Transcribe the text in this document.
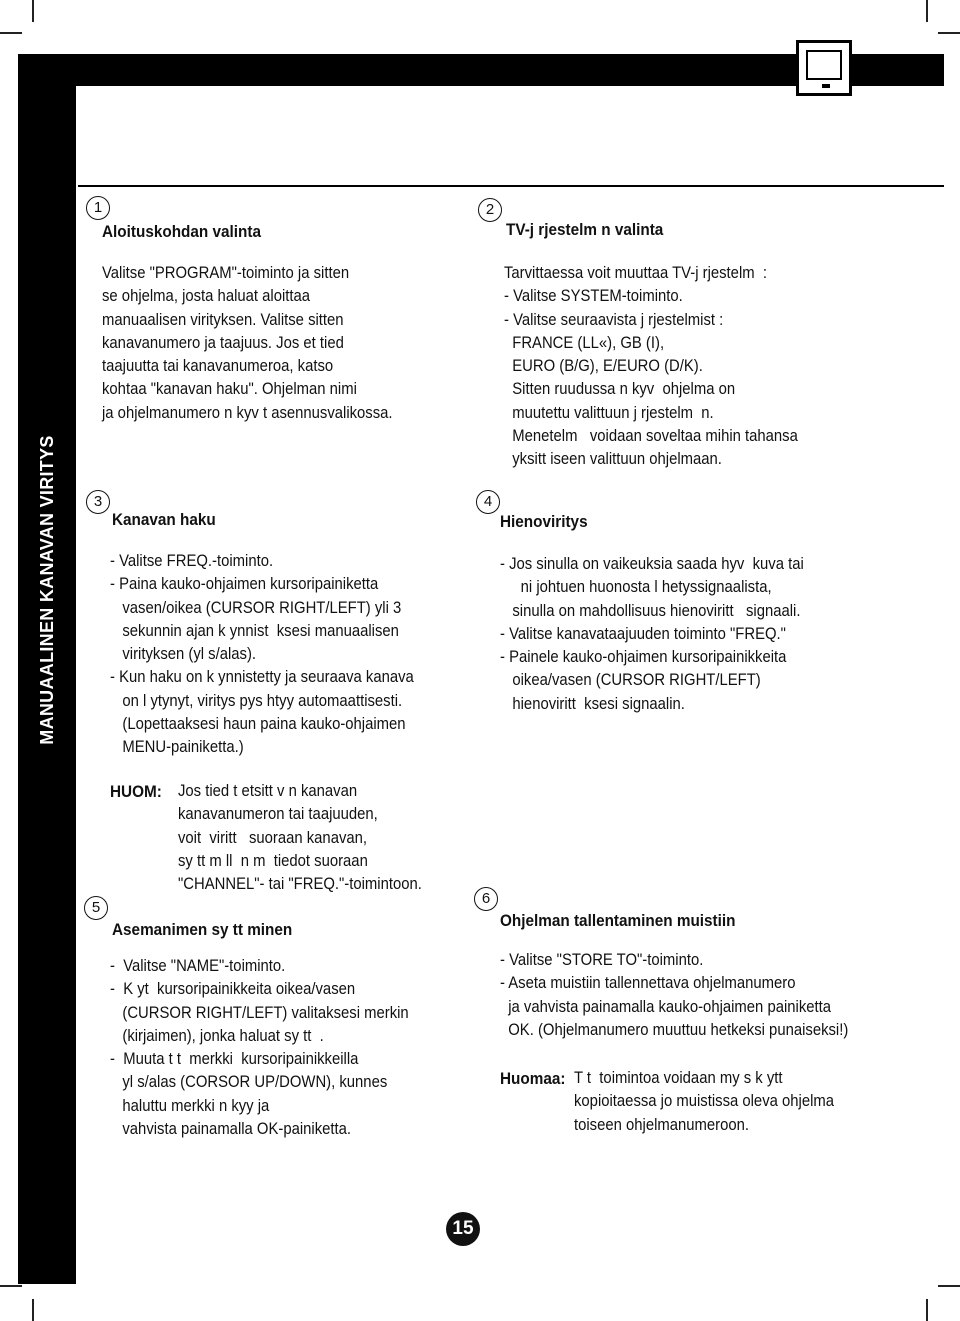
MANUAALINEN KANAVAN VIRITYS
1
Aloituskohdan valinta
Valitse "PROGRAM"-toiminto ja sitten
se ohjelma, josta haluat aloittaa
manuaalisen virityksen. Valitse sitten
kanavanumero ja taajuus. Jos et tied
taajuutta tai kanavanumeroa, katso
kohtaa "kanavan haku". Ohjelman nimi
ja ohjelmanumero n kyv t asennusvalikossa.
2
TV-j rjestelm n valinta
Tarvittaessa voit muuttaa TV-j rjestelm  :
- Valitse SYSTEM-toiminto.
- Valitse seuraavista j rjestelmist :
FRANCE (LL«), GB (I),
EURO (B/G), E/EURO (D/K).
Sitten ruudussa n kyv  ohjelma on
muutettu valittuun j rjestelm  n.
Menetelm   voidaan soveltaa mihin tahansa
yksitt iseen valittuun ohjelmaan.
3
Kanavan haku
- Valitse FREQ.-toiminto.
- Paina kauko-ohjaimen kursoripainiketta
vasen/oikea (CURSOR RIGHT/LEFT) yli 3
sekunnin ajan k ynnist  ksesi manuaalisen
virityksen (yl s/alas).
- Kun haku on k ynnistetty ja seuraava kanava
on l ytynyt, viritys pys htyy automaattisesti.
(Lopettaaksesi haun paina kauko-ohjaimen
MENU-painiketta.)
4
Hienoviritys
- Jos sinulla on vaikeuksia saada hyv  kuva tai
ni johtuen huonosta l hetyssignaalista,
sinulla on mahdollisuus hienoviritt   signaali.
- Valitse kanavataajuuden toiminto "FREQ."
- Painele kauko-ohjaimen kursoripainikkeita
oikea/vasen (CURSOR RIGHT/LEFT)
hienoviritt  ksesi signaalin.
HUOM: Jos tied t etsitt v n kanavan
kanavanumeron tai taajuuden,
voit  viritt   suoraan kanavan,
sy tt m ll  n m  tiedot suoraan
"CHANNEL"- tai "FREQ."-toimintoon.
5
Asemanimen sy tt minen
-  Valitse "NAME"-toiminto.
-  K yt  kursoripainikkeita oikea/vasen
(CURSOR RIGHT/LEFT) valitaksesi merkin
(kirjaimen), jonka haluat sy tt  .
-  Muuta t t  merkki  kursoripainikkeilla
yl s/alas (CORSOR UP/DOWN), kunnes
haluttu merkki n kyy ja
vahvista painamalla OK-painiketta.
6
Ohjelman tallentaminen muistiin
- Valitse "STORE TO"-toiminto.
- Aseta muistiin tallennettava ohjelmanumero
ja vahvista painamalla kauko-ohjaimen painiketta
OK. (Ohjelmanumero muuttuu hetkeksi punaiseksi!)
Huomaa: T t  toimintoa voidaan my s k ytt
kopioitaessa jo muistissa oleva ohjelma
toiseen ohjelmanumeroon.
15
